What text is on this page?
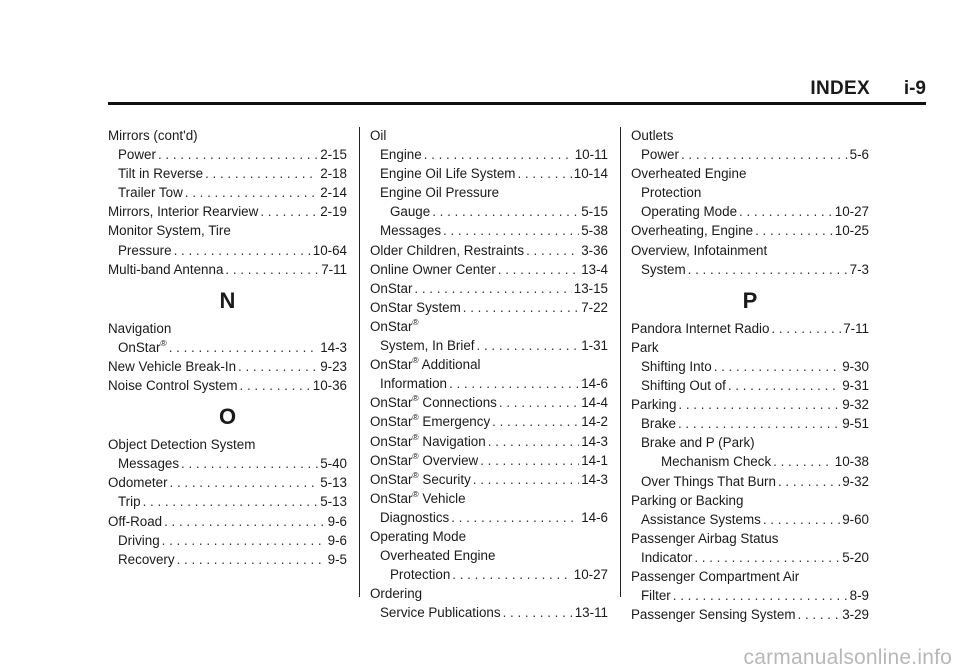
INDEX i-9
Mirrors (cont'd)
Power . . .	2-15
Tilt in Reverse . . .	2-18
Trailer Tow . . .	2-14
Mirrors, Interior Rearview . . .	2-19
Monitor System, Tire
Pressure . . .	10-64
Multi-band Antenna . . .	7-11
N
Navigation
OnStar® . . .	14-3
New Vehicle Break-In . . .	9-23
Noise Control System . . .	10-36
O
Object Detection System
Messages . . .	5-40
Odometer . . .	5-13
Trip . . .	5-13
Off-Road . . .	9-6
Driving . . .	9-6
Recovery . . .	9-5
Oil
Engine . . .	10-11
Engine Oil Life System . . .	10-14
Engine Oil Pressure
Gauge . . .	5-15
Messages . . .	5-38
Older Children, Restraints . . .	3-36
Online Owner Center . . .	13-4
OnStar . . .	13-15
OnStar System . . .	7-22
OnStar®
System, In Brief . . .	1-31
OnStar® Additional
Information . . .	14-6
OnStar® Connections . . .	14-4
OnStar® Emergency . . .	14-2
OnStar® Navigation . . .	14-3
OnStar® Overview . . .	14-1
OnStar® Security . . .	14-3
OnStar® Vehicle
Diagnostics . . .	14-6
Operating Mode
Overheated Engine
Protection . . .	10-27
Ordering
Service Publications . . .	13-11
Outlets
Power . . .	5-6
Overheated Engine
Protection
Operating Mode . . .	10-27
Overheating, Engine . . .	10-25
Overview, Infotainment
System . . .	7-3
P
Pandora Internet Radio . . .	7-11
Park
Shifting Into . . .	9-30
Shifting Out of . . .	9-31
Parking . . .	9-32
Brake . . .	9-51
Brake and P (Park)
Mechanism Check . . .	10-38
Over Things That Burn . . .	9-32
Parking or Backing
Assistance Systems . . .	9-60
Passenger Airbag Status
Indicator . . .	5-20
Passenger Compartment Air
Filter . . .	8-9
Passenger Sensing System . . .	3-29
carmanualsonline.info
